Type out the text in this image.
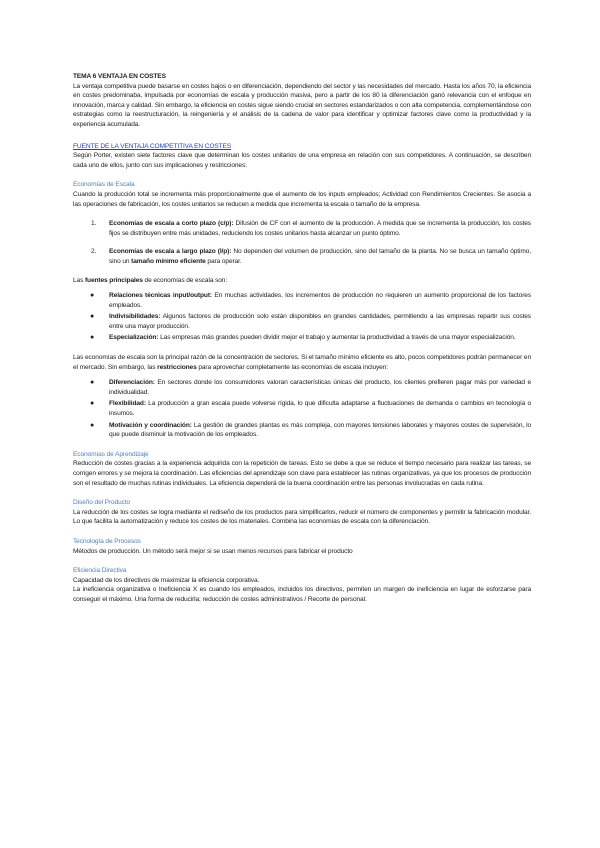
TEMA 6 VENTAJA EN COSTES

La ventaja competitiva puede basarse en costes bajos o en diferenciación, dependiendo del sector y las necesidades del mercado. Hasta los años 70, la eficiencia en costes predominaba, impulsada por economías de escala y producción masiva, pero a partir de los 80 la diferenciación ganó relevancia con el enfoque en innovación, marca y calidad. Sin embargo, la eficiencia en costes sigue siendo crucial en sectores estandarizados o con alta competencia, complementándose con estrategias como la reestructuración, la reingeniería y el análisis de la cadena de valor para identificar y optimizar factores clave como la productividad y la experiencia acumulada.

FUENTE DE LA VENTAJA COMPETITIVA EN COSTES

Según Porter, existen siete factores clave que determinan los costes unitarios de una empresa en relación con sus competidores. A continuación, se describen cada uno de ellos, junto con sus implicaciones y restricciones:

Economías de Escala

Cuando la producción total se incrementa más proporcionalmente que el aumento de los inputs empleados; Actividad con Rendimientos Crecientes. Se asocia a las operaciones de fabricación, los costes unitarios se reducen a medida que incrementa la escala o tamaño de la empresa.

1. Economías de escala a corto plazo (c/p): Difusión de CF con el aumento de la producción. A medida que se incrementa la producción, los costes fijos se distribuyen entre más unidades, reduciendo los costes unitarios hasta alcanzar un punto óptimo.
2. Economías de escala a largo plazo (l/p): No dependen del volumen de producción, sino del tamaño de la planta. No se busca un tamaño óptimo, sino un tamaño mínimo eficiente para operar.

Las fuentes principales de economías de escala son:

● Relaciones técnicas input/output: En muchas actividades, los incrementos de producción no requieren un aumento proporcional de los factores empleados.
● Indivisibilidades: Algunos factores de producción solo están disponibles en grandes cantidades, permitiendo a las empresas repartir sus costes entre una mayor producción.
● Especialización: Las empresas más grandes pueden dividir mejor el trabajo y aumentar la productividad a través de una mayor especialización.

Las economías de escala son la principal razón de la concentración de sectores. Si el tamaño mínimo eficiente es alto, pocos competidores podrán permanecer en el mercado. Sin embargo, las restricciones para aprovechar completamente las economías de escala incluyen:

● Diferenciación: En sectores donde los consumidores valoran características únicas del producto, los clientes prefieren pagar más por variedad e individualidad.
● Flexibilidad: La producción a gran escala puede volverse rígida, lo que dificulta adaptarse a fluctuaciones de demanda o cambios en tecnología o insumos.
● Motivación y coordinación: La gestión de grandes plantas es más compleja, con mayores tensiones laborales y mayores costes de supervisión, lo que puede disminuir la motivación de los empleados.

Economías de Aprendizaje

Reducción de costes gracias a la experiencia adquirida con la repetición de tareas. Esto se debe a que se reduce el tiempo necesario para realizar las tareas, se corrigen errores y se mejora la coordinación. Las eficiencias del aprendizaje son clave para establecer las rutinas organizativas, ya que los procesos de producción son el resultado de muchas rutinas individuales. La eficiencia dependerá de la buena coordinación entre las personas involucradas en cada rutina.

Diseño del Producto

La reducción de los costes se logra mediante el rediseño de los productos para simplificarlos, reducir el número de componentes y permitir la fabricación modular. Lo que facilita la automatización y reduce los costes de los materiales. Combina las economías de escala con la diferenciación.

Tecnología de Procesos

Métodos de producción. Un método será mejor si se usan menos recursos para fabricar el producto

Eficiencia Directiva

Capacidad de los directivos de maximizar la eficiencia corporativa.

La ineficiencia organizativa o Ineficiencia X es cuando los empleados, incluidos los directivos, permiten un margen de ineficiencia en lugar de esforzarse para conseguir el máximo. Una forma de reducirla; reducción de costes administrativos / Recorte de personal.
